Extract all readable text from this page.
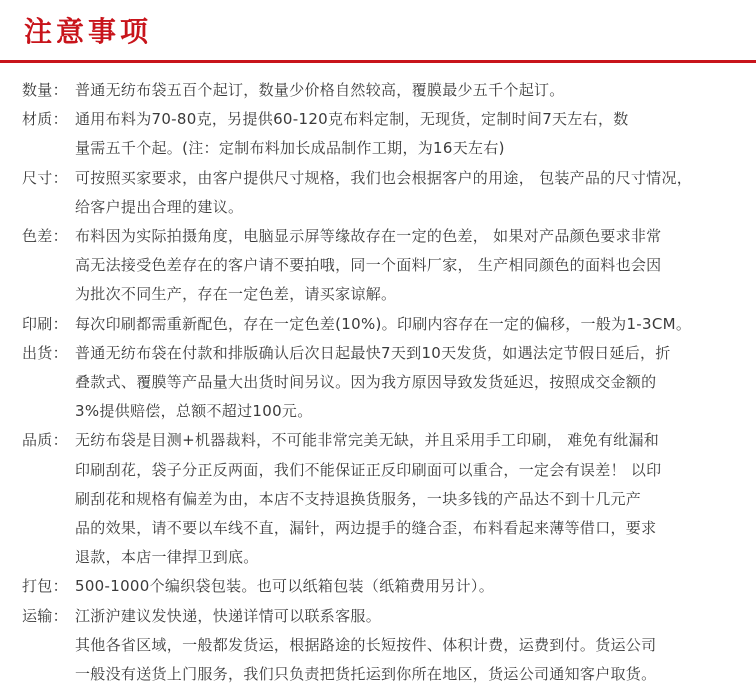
注意事项
数量： 普通无纺布袋五百个起订，数量少价格自然较高，覆膜最少五千个起订。
材质： 通用布料为70-80克，另提供60-120克布料定制，无现货，定制时间7天左右，数
量需五千个起。(注：定制布料加长成品制作工期，为16天左右)
尺寸： 可按照买家要求，由客户提供尺寸规格，我们也会根据客户的用途， 包装产品的尺寸情况，
给客户提出合理的建议。
色差： 布料因为实际拍摄角度，电脑显示屏等缘故存在一定的色差， 如果对产品颜色要求非常
高无法接受色差存在的客户请不要拍哦，同一个面料厂家， 生产相同颜色的面料也会因
为批次不同生产，存在一定色差，请买家谅解。
印刷： 每次印刷都需重新配色，存在一定色差(10%)。印刷内容存在一定的偏移，一般为1-3CM。
出货： 普通无纺布袋在付款和排版确认后次日起最快7天到10天发货，如遇法定节假日延后，折
叠款式、覆膜等产品量大出货时间另议。因为我方原因导致发货延迟，按照成交金额的
3%提供赔偿，总额不超过100元。
品质： 无纺布袋是目测+机器裁料，不可能非常完美无缺，并且采用手工印刷， 难免有纰漏和
印刷刮花，袋子分正反两面，我们不能保证正反印刷面可以重合，一定会有误差！ 以印
刷刮花和规格有偏差为由，本店不支持退换货服务，一块多钱的产品达不到十几元产
品的效果，请不要以车线不直，漏针，两边提手的缝合歪，布料看起来薄等借口，要求
退款，本店一律捍卫到底。
打包： 500-1000个编织袋包装。也可以纸箱包装（纸箱费用另计）。
运输： 江浙沪建议发快递，快递详情可以联系客服。
其他各省区域，一般都发货运，根据路途的长短按件、体积计费，运费到付。货运公司
一般没有送货上门服务，我们只负责把货托运到你所在地区，货运公司通知客户取货。
